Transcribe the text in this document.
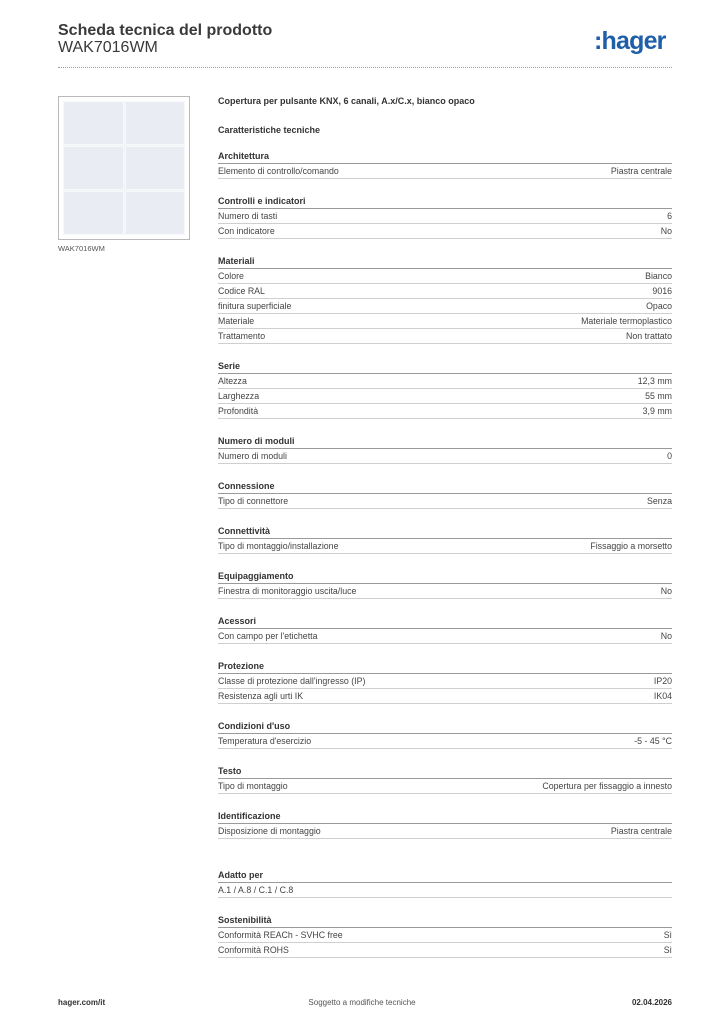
Scheda tecnica del prodotto
WAK7016WM	:hager
WAK7016WM
Copertura per pulsante KNX, 6 canali, A.x/C.x, bianco opaco
Caratteristiche tecniche
Architettura
Elemento di controllo/comando	Piastra centrale
Controlli e indicatori
Numero di tasti	6
Con indicatore	No
Materiali
Colore	Bianco
Codice RAL	9016
finitura superficiale	Opaco
Materiale	Materiale termoplastico
Trattamento	Non trattato
Serie
Altezza	12,3 mm
Larghezza	55 mm
Profondità	3,9 mm
Numero di moduli
Numero di moduli	0
Connessione
Tipo di connettore	Senza
Connettività
Tipo di montaggio/installazione	Fissaggio a morsetto
Equipaggiamento
Finestra di monitoraggio uscita/luce	No
Acessori
Con campo per l'etichetta	No
Protezione
Classe di protezione dall'ingresso (IP)	IP20
Resistenza agli urti IK	IK04
Condizioni d'uso
Temperatura d'esercizio	-5 - 45 °C
Testo
Tipo di montaggio	Copertura per fissaggio a innesto
Identificazione
Disposizione di montaggio	Piastra centrale
Adatto per
A.1 / A.8 / C.1 / C.8
Sostenibilità
Conformità REACh - SVHC free	Sì
Conformità ROHS	Sì
hager.com/it	Soggetto a modifiche tecniche	02.04.2026
